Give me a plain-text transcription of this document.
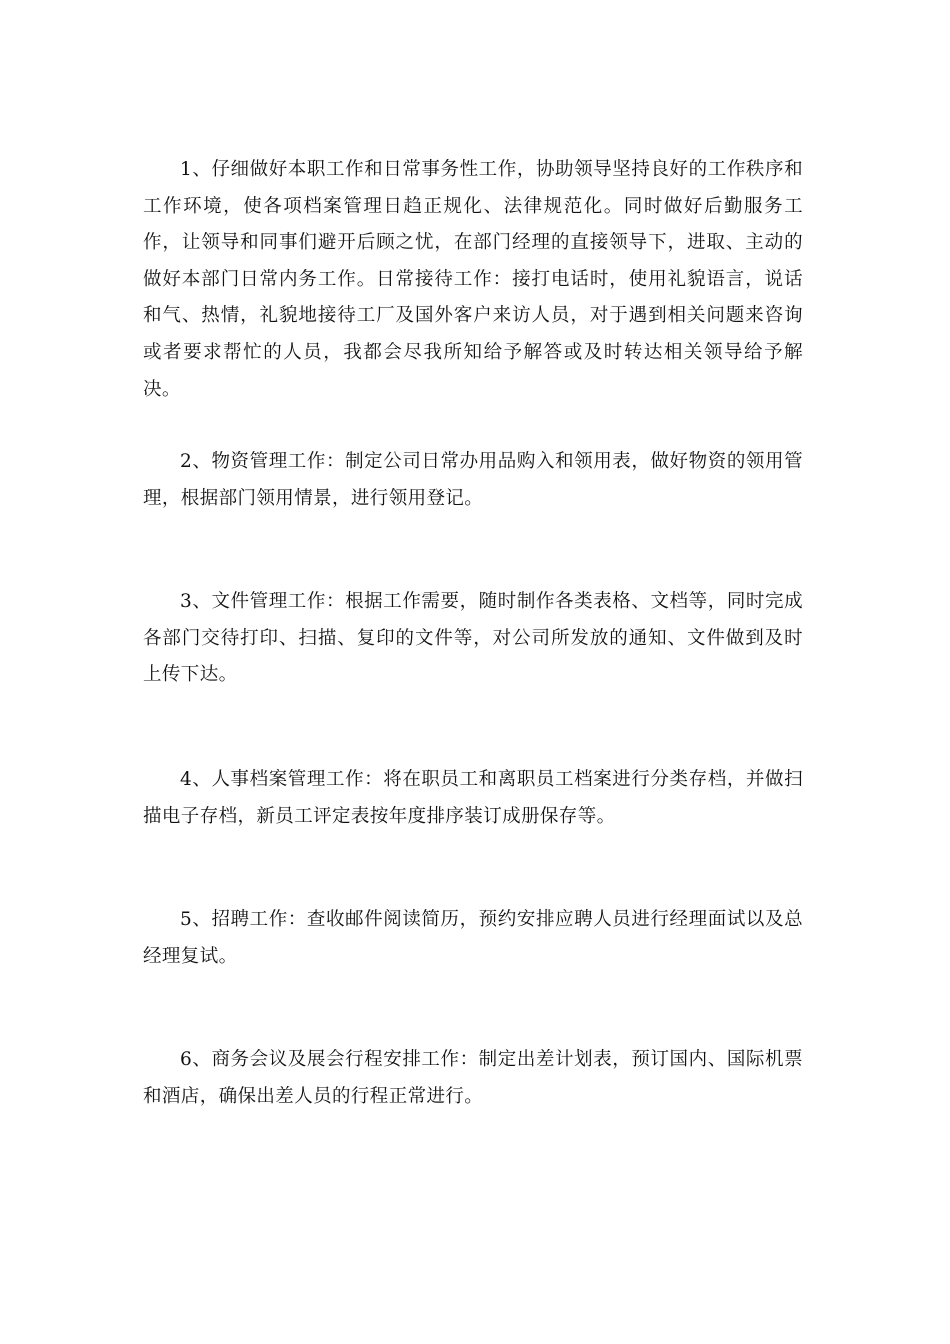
1、仔细做好本职工作和日常事务性工作，协助领导坚持良好的工作秩序和工作环境，使各项档案管理日趋正规化、法律规范化。同时做好后勤服务工作，让领导和同事们避开后顾之忧，在部门经理的直接领导下，进取、主动的做好本部门日常内务工作。日常接待工作：接打电话时，使用礼貌语言，说话和气、热情，礼貌地接待工厂及国外客户来访人员，对于遇到相关问题来咨询或者要求帮忙的人员，我都会尽我所知给予解答或及时转达相关领导给予解决。

2、物资管理工作：制定公司日常办用品购入和领用表，做好物资的领用管理，根据部门领用情景，进行领用登记。

3、文件管理工作：根据工作需要，随时制作各类表格、文档等，同时完成各部门交待打印、扫描、复印的文件等，对公司所发放的通知、文件做到及时上传下达。

4、人事档案管理工作：将在职员工和离职员工档案进行分类存档，并做扫描电子存档，新员工评定表按年度排序装订成册保存等。

5、招聘工作：查收邮件阅读简历，预约安排应聘人员进行经理面试以及总经理复试。

6、商务会议及展会行程安排工作：制定出差计划表，预订国内、国际机票和酒店，确保出差人员的行程正常进行。
